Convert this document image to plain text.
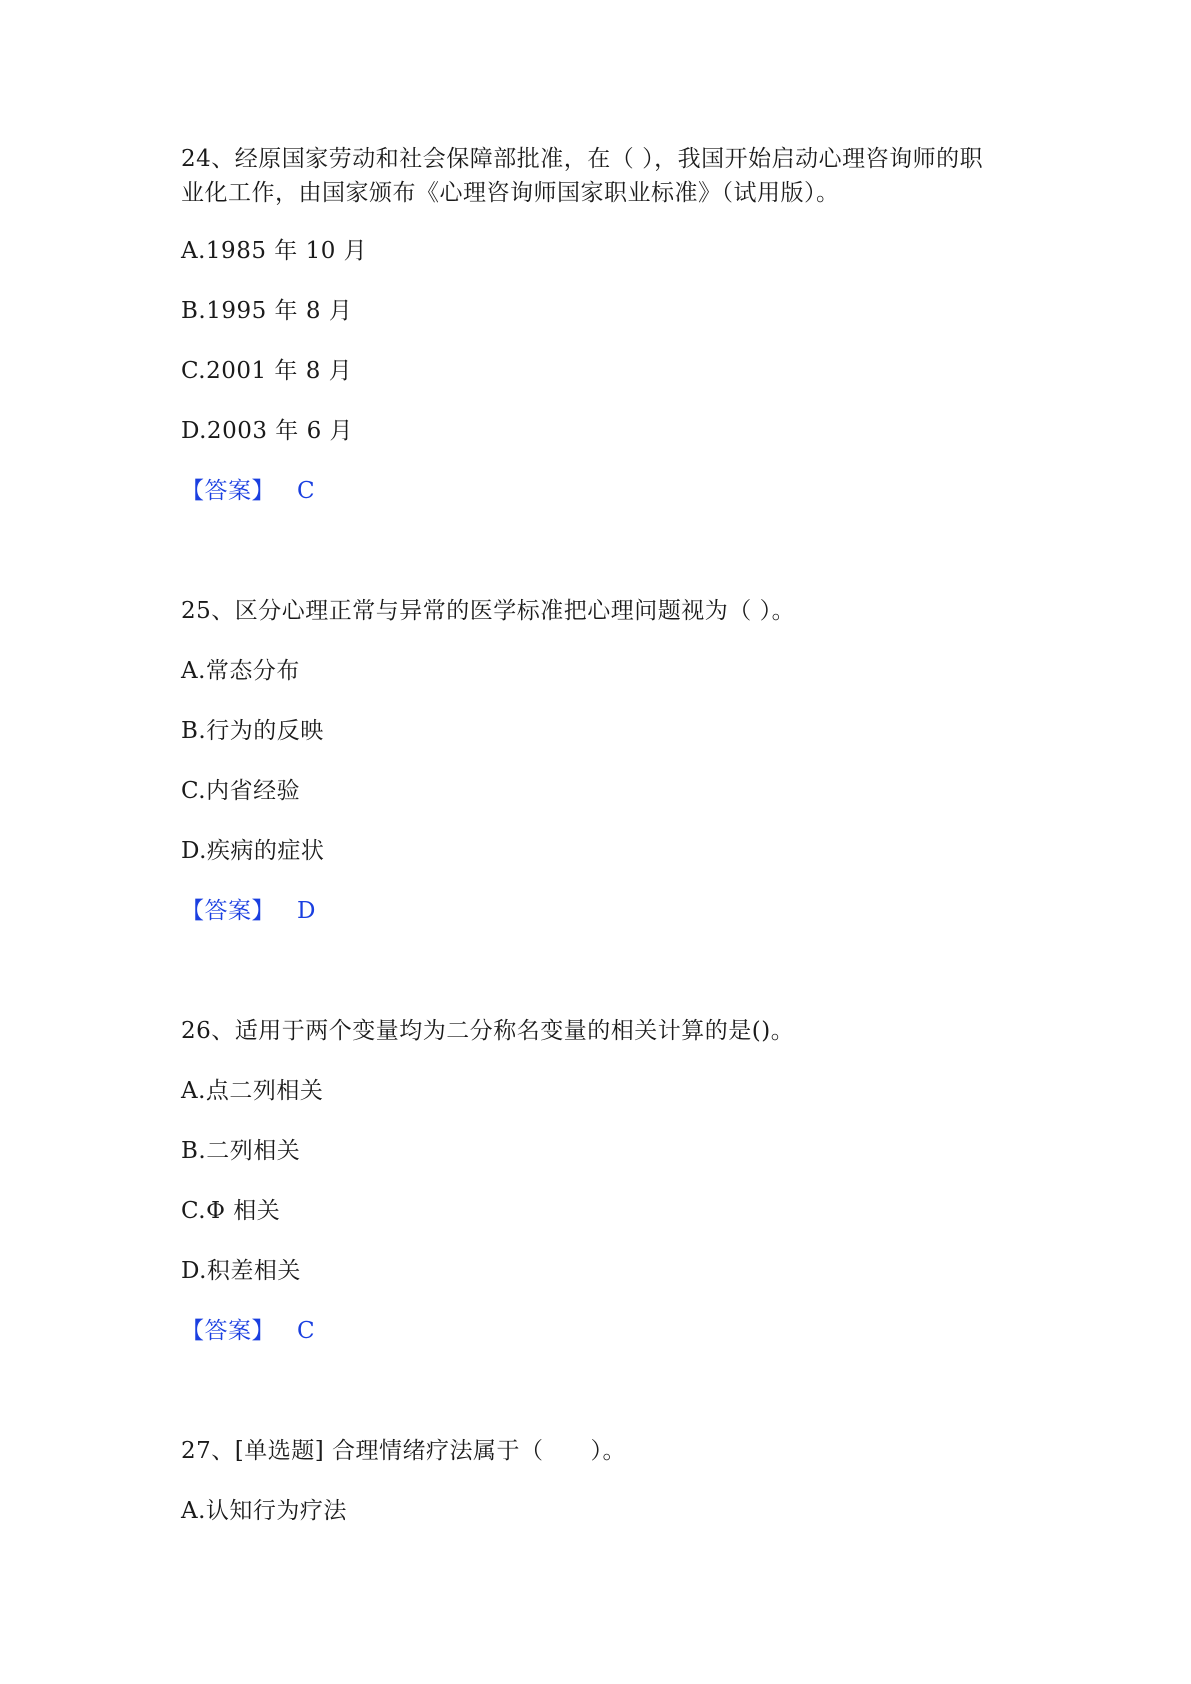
24、经原国家劳动和社会保障部批准，在（ ），我国开始启动心理咨询师的职
业化工作，由国家颁布《心理咨询师国家职业标准》（试用版）。
A.1985 年 10 月
B.1995 年 8 月
C.2001 年 8 月
D.2003 年 6 月
【答案】 C
25、区分心理正常与异常的医学标准把心理问题视为（ ）。
A.常态分布
B.行为的反映
C.内省经验
D.疾病的症状
【答案】 D
26、适用于两个变量均为二分称名变量的相关计算的是()。
A.点二列相关
B.二列相关
C.Φ 相关
D.积差相关
【答案】 C
27、[单选题] 合理情绪疗法属于（　　）。
A.认知行为疗法
